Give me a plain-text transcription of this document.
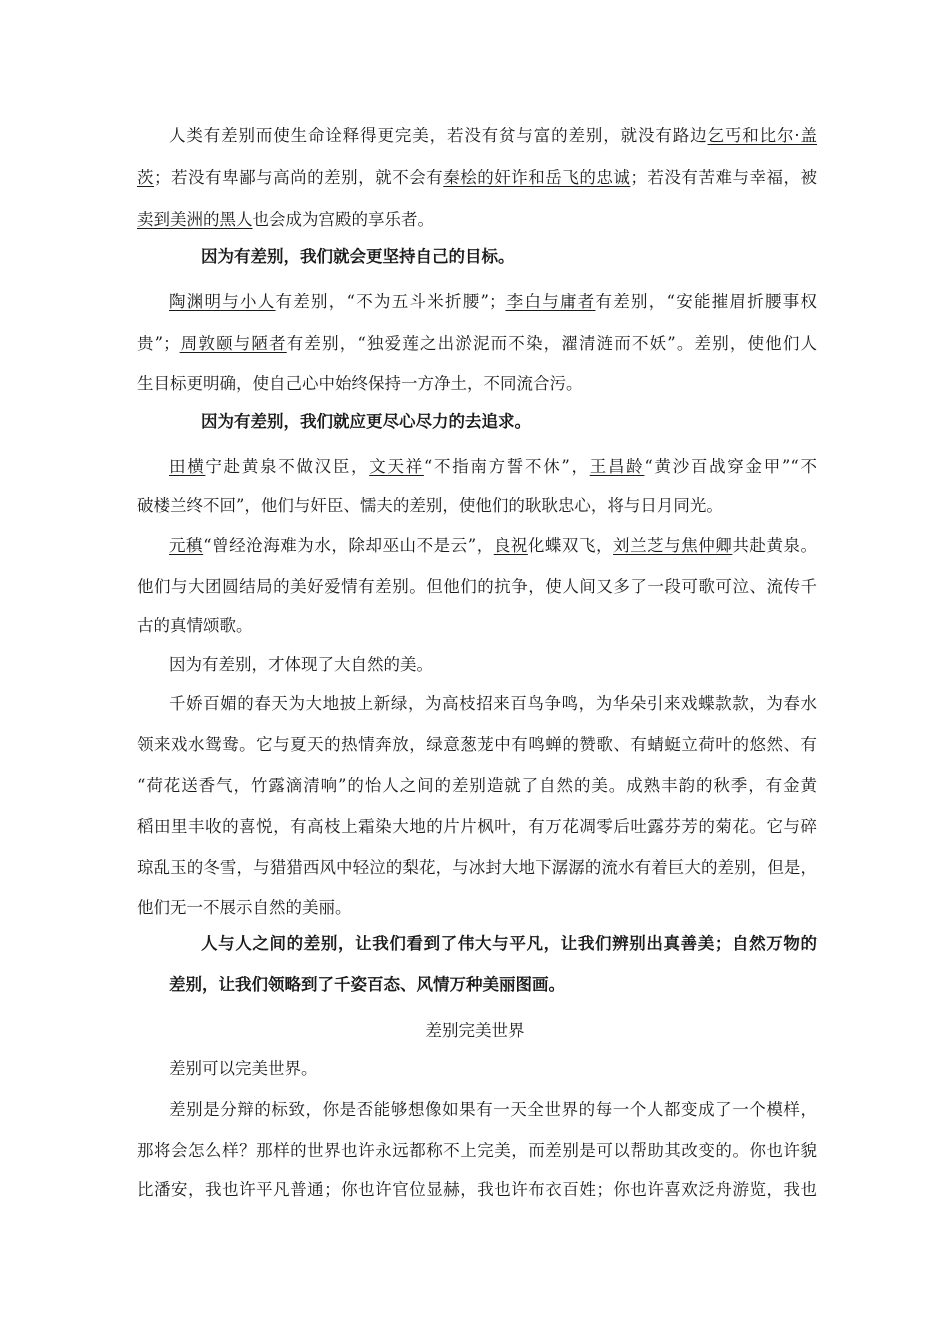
人类有差别而使生命诠释得更完美，若没有贫与富的差别，就没有路边乞丐和比尔·盖
茨；若没有卑鄙与高尚的差别，就不会有秦桧的奸诈和岳飞的忠诚；若没有苦难与幸福，被
卖到美洲的黑人也会成为宫殿的享乐者。
因为有差别，我们就会更坚持自己的目标。
陶渊明与小人有差别，“不为五斗米折腰”；李白与庸者有差别，“安能摧眉折腰事权
贵”；周敦颐与陋者有差别，“独爱莲之出淤泥而不染，濯清涟而不妖”。差别，使他们人
生目标更明确，使自己心中始终保持一方净土，不同流合污。
因为有差别，我们就应更尽心尽力的去追求。
田横宁赴黄泉不做汉臣，文天祥“不指南方誓不休”，王昌龄“黄沙百战穿金甲”“不
破楼兰终不回”，他们与奸臣、懦夫的差别，使他们的耿耿忠心，将与日月同光。
元稹“曾经沧海难为水，除却巫山不是云”，良祝化蝶双飞，刘兰芝与焦仲卿共赴黄泉。
他们与大团圆结局的美好爱情有差别。但他们的抗争，使人间又多了一段可歌可泣、流传千
古的真情颂歌。
因为有差别，才体现了大自然的美。
千娇百媚的春天为大地披上新绿，为高枝招来百鸟争鸣，为华朵引来戏蝶款款，为春水
领来戏水鸳鸯。它与夏天的热情奔放，绿意葱茏中有鸣蝉的赞歌、有蜻蜓立荷叶的悠然、有
“荷花送香气，竹露滴清响”的怡人之间的差别造就了自然的美。成熟丰韵的秋季，有金黄
稻田里丰收的喜悦，有高枝上霜染大地的片片枫叶，有万花凋零后吐露芬芳的菊花。它与碎
琼乱玉的冬雪，与猎猎西风中轻泣的梨花，与冰封大地下潺潺的流水有着巨大的差别，但是，
他们无一不展示自然的美丽。
人与人之间的差别，让我们看到了伟大与平凡，让我们辨别出真善美；自然万物的
差别，让我们领略到了千姿百态、风情万种美丽图画。
差别完美世界
差别可以完美世界。
差别是分辩的标致，你是否能够想像如果有一天全世界的每一个人都变成了一个模样，
那将会怎么样？那样的世界也许永远都称不上完美，而差别是可以帮助其改变的。你也许貌
比潘安，我也许平凡普通；你也许官位显赫，我也许布衣百姓；你也许喜欢泛舟游览，我也
